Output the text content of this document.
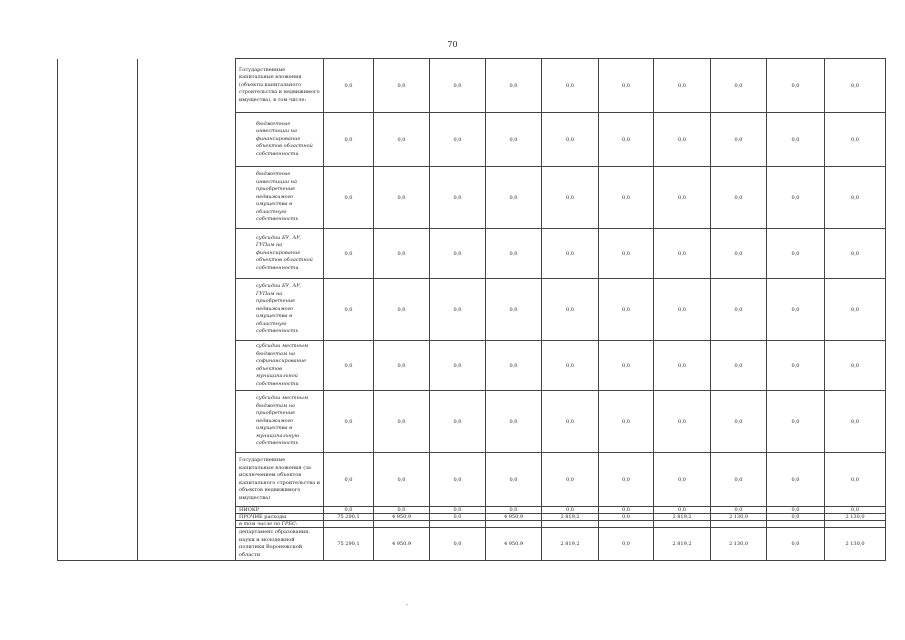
70
		Государственные капитальные вложения (объекты капитального строительства и недвижимого имущества), в том числе:	0,0	0,0	0,0	0,0	0,0	0,0	0,0	0,0	0,0	0,0
		бюджетные инвестиции на финансирование объектов областной собственности	0,0	0,0	0,0	0,0	0,0	0,0	0,0	0,0	0,0	0,0
		бюджетные инвестиции на приобретение недвижимого имущества в областную собственность	0,0	0,0	0,0	0,0	0,0	0,0	0,0	0,0	0,0	0,0
		субсидии БУ, АУ, ГУПам на финансирование объектов областной собственности	0,0	0,0	0,0	0,0	0,0	0,0	0,0	0,0	0,0	0,0
		субсидии БУ, АУ, ГУПам на приобретение недвижимого имущества в областную собственность	0,0	0,0	0,0	0,0	0,0	0,0	0,0	0,0	0,0	0,0
		субсидии местным бюджетам на софинансирование объектов муниципальной собственности	0,0	0,0	0,0	0,0	0,0	0,0	0,0	0,0	0,0	0,0
		субсидии местным бюджетам на приобретение недвижимого имущества в муниципальную собственность	0,0	0,0	0,0	0,0	0,0	0,0	0,0	0,0	0,0	0,0
		Государственные капитальные вложения (за исключением объектов капитального строительства и объектов недвижимого имущества)	0,0	0,0	0,0	0,0	0,0	0,0	0,0	0,0	0,0	0,0
		НИОКР	0,0	0,0	0,0	0,0	0,0	0,0	0,0	0,0	0,0	0,0
		ПРОЧИЕ расходы	75 290,1	4 950,9	0,0	4 950,9	2 819,2	0,0	2 819,2	2 130,0	0,0	2 130,0
		в том числе по ГРБС:										
		департамент образования, науки и молодежной политики Воронежской области	75 290,1	4 950,9	0,0	4 950,9	2 819,2	0,0	2 819,2	2 130,0	0,0	2 130,0
